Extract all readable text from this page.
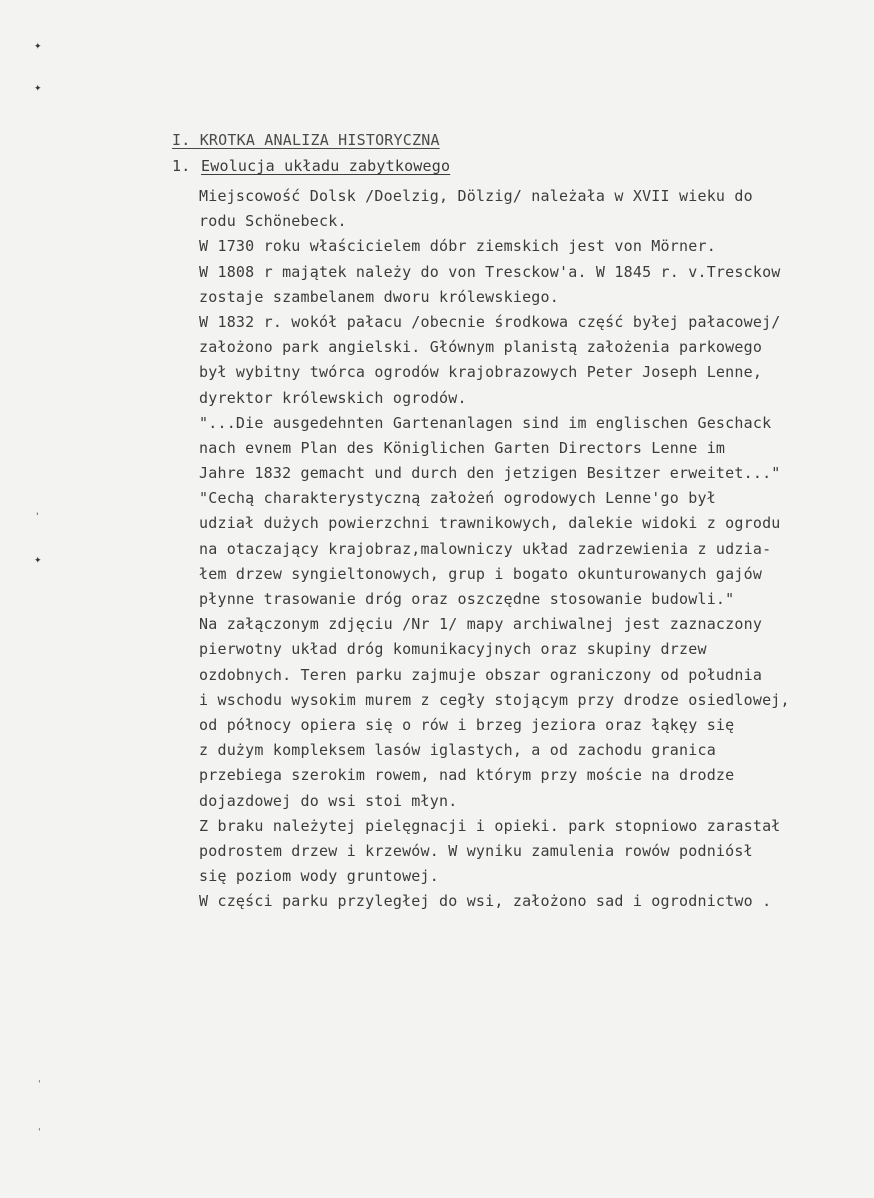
✦
✦
'
✦
ˈ
ˈ
I. KROTKA ANALIZA HISTORYCZNA
1. Ewolucja układu zabytkowego
Miejscowość Dolsk /Doelzig, Dölzig/ należała w XVII wieku do
rodu Schönebeck.
W 1730 roku właścicielem dóbr ziemskich jest von Mörner.
W 1808 r majątek należy do von Tresckow'a. W 1845 r. v.Tresckow
zostaje szambelanem dworu królewskiego.
W 1832 r. wokół pałacu /obecnie środkowa część byłej pałacowej/
założono park angielski. Głównym planistą założenia parkowego
był wybitny twórca ogrodów krajobrazowych Peter Joseph Lenne,
dyrektor królewskich ogrodów.
"...Die ausgedehnten Gartenanlagen sind im englischen Geschack
nach evnem Plan des Königlichen Garten Directors Lenne im
Jahre 1832 gemacht und durch den jetzigen Besitzer erweitet..."
"Cechą charakterystyczną założeń ogrodowych Lenne'go był
udział dużych powierzchni trawnikowych, dalekie widoki z ogrodu
na otaczający krajobraz,malowniczy układ zadrzewienia z udzia-
łem drzew syngieltonowych, grup i bogato okunturowanych gajów
płynne trasowanie dróg oraz oszczędne stosowanie budowli."
Na załączonym zdjęciu /Nr 1/ mapy archiwalnej jest zaznaczony
pierwotny układ dróg komunikacyjnych oraz skupiny drzew
ozdobnych. Teren parku zajmuje obszar ograniczony od południa
i wschodu wysokim murem z cegły stojącym przy drodze osiedlowej,
od północy opiera się o rów i brzeg jeziora oraz łąkęy się
z dużym kompleksem lasów iglastych, a od zachodu granica
przebiega szerokim rowem, nad którym przy moście na drodze
dojazdowej do wsi stoi młyn.
Z braku należytej pielęgnacji i opieki. park stopniowo zarastał
podrostem drzew i krzewów. W wyniku zamulenia rowów podniósł
się poziom wody gruntowej.
W części parku przyległej do wsi, założono sad i ogrodnictwo .
